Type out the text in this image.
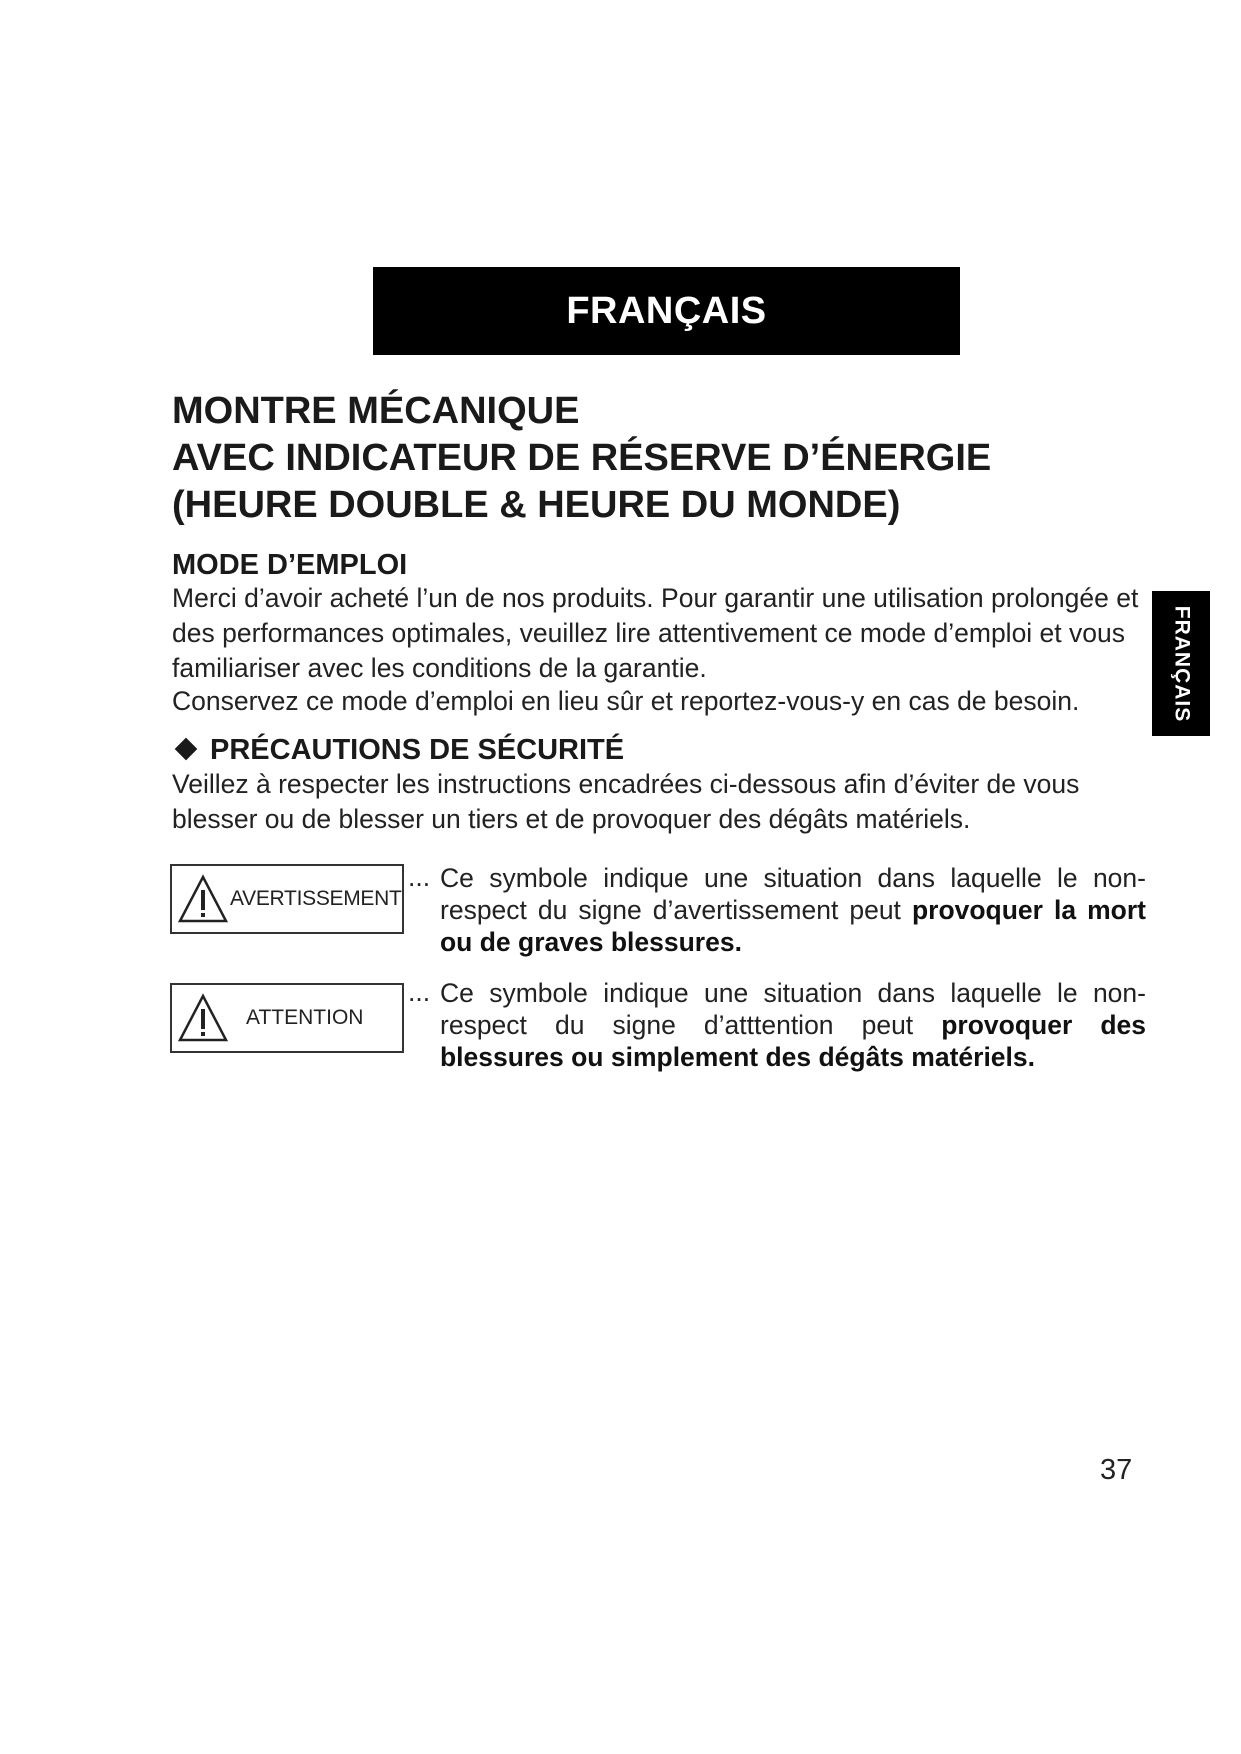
FRANÇAIS
FRANÇAIS
MONTRE MÉCANIQUE
AVEC INDICATEUR DE RÉSERVE D’ÉNERGIE
(HEURE DOUBLE & HEURE DU MONDE)
MODE D’EMPLOI

Merci d’avoir acheté l’un de nos produits. Pour garantir une utilisation prolongée et des performances optimales, veuillez lire attentivement ce mode d’emploi et vous familiariser avec les conditions de la garantie.

Conservez ce mode d’emploi en lieu sûr et reportez-vous-y en cas de besoin.

PRÉCAUTIONS DE SÉCURITÉ

Veillez à respecter les instructions encadrées ci-dessous afin d’éviter de vous blesser ou de blesser un tiers et de provoquer des dégâts matériels.

AVERTISSEMENT
... Ce symbole indique une situation dans laquelle le non-respect du signe d’avertissement peut provoquer la mort ou de graves blessures.

ATTENTION
... Ce symbole indique une situation dans laquelle le non-respect du signe d’atttention peut provoquer des blessures ou simplement des dégâts matériels.

37
